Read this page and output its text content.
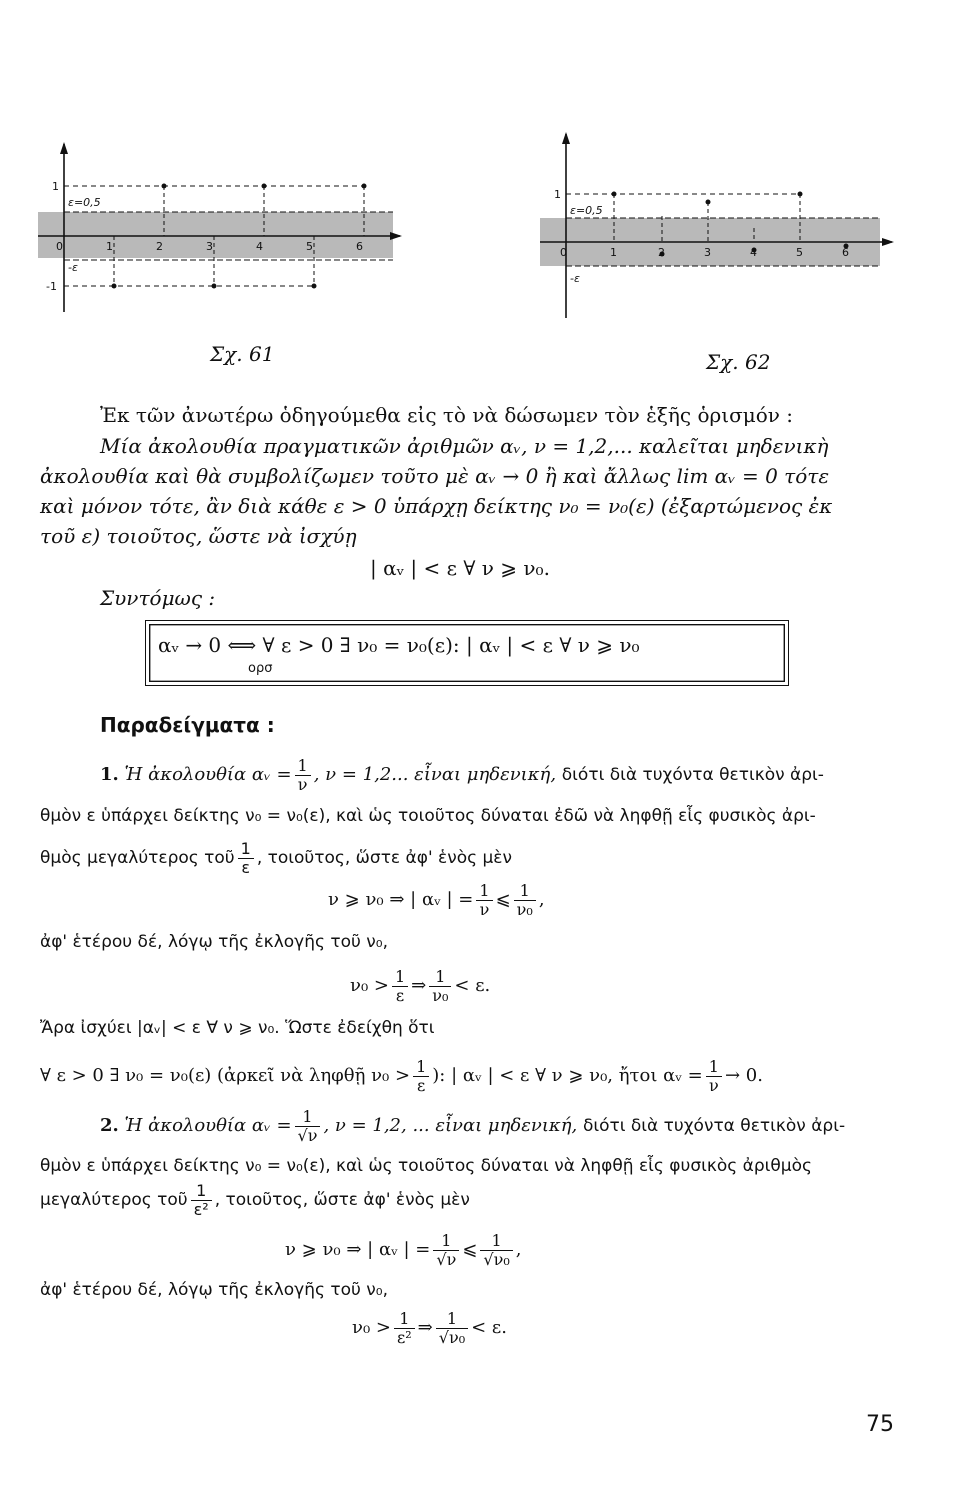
1
-1
ε=0,5
-ε
0	1	2	3	4	5	6
Σχ. 61
1
ε=0,5
-ε
0	1	2	3	4	5	6
Σχ. 62
Ἐκ τῶν ἀνωτέρω ὁδηγούμεθα εἰς τὸ νὰ δώσωμεν τὸν ἑξῆς ὁρισμόν :
Μία ἀκολουθία πραγματικῶν ἀριθμῶν αᵥ, ν = 1,2,... καλεῖται μηδενικὴ
ἀκολουθία καὶ θὰ συμβολίζωμεν τοῦτο μὲ αᵥ → 0 ἢ καὶ ἄλλως lim αᵥ = 0 τότε
καὶ μόνον τότε, ἂν διὰ κάθε ε > 0 ὑπάρχῃ δείκτης ν₀ = ν₀(ε) (ἐξαρτώμενος ἐκ
τοῦ ε) τοιοῦτος, ὥστε νὰ ἰσχύῃ
| αᵥ | < ε ∀ ν ⩾ ν₀.
Συντόμως :
αᵥ → 0 ⟺ ∀ ε > 0 ∃ ν₀ = ν₀(ε): | αᵥ | < ε ∀ ν ⩾ ν₀
ορσ
Παραδείγματα :
1. Ἡ ἀκολουθία αᵥ = $\frac{1}{\nu}$ , ν = 1,2... εἶναι μηδενική, διότι διὰ τυχόντα θετικὸν ἀρι-
θμὸν ε ὑπάρχει δείκτης ν₀ = ν₀(ε), καὶ ὡς τοιοῦτος δύναται ἐδῶ νὰ ληφθῇ εἷς φυσικὸς ἀρι-
θμὸς μεγαλύτερος τοῦ $\frac{1}{\varepsilon}$ , τοιοῦτος, ὥστε ἀφ' ἑνὸς μὲν
ν ⩾ ν₀ ⇒ | αᵥ | = $\frac{1}{\nu}$ ⩽ $\frac{1}{\text{ν₀}}$ ,
ἀφ' ἑτέρου δέ, λόγῳ τῆς ἐκλογῆς τοῦ ν₀,
$\nu_0 > \frac{1}{\varepsilon}$ ⇒ $\frac{1}{\text{ν₀}} < \varepsilon$.
Ἄρα ἰσχύει |αᵥ| < ε ∀ ν ⩾ ν₀. Ὥστε ἐδείχθη ὅτι
∀ ε > 0 ∃ ν₀ = ν₀(ε) (ἀρκεῖ νὰ ληφθῇ $\nu_0 > \frac{1}{\varepsilon}$ ): | αᵥ | < ε ∀ ν ⩾ ν₀, ἤτοι αᵥ = $\frac{1}{\nu} \to 0$.
2. Ἡ ἀκολουθία αᵥ = $\frac{1}{√\nu}$ , ν = 1,2, ... εἶναι μηδενική, διότι διὰ τυχόντα θετικὸν ἀρι-
θμὸν ε ὑπάρχει δείκτης ν₀ = ν₀(ε), καὶ ὡς τοιοῦτος δύναται νὰ ληφθῇ εἷς φυσικὸς ἀριθμὸς
μεγαλύτερος τοῦ $\frac{1}{\text{ε²}}$ , τοιοῦτος, ὥστε ἀφ' ἑνὸς μὲν
ν ⩾ ν₀ ⇒ | αᵥ | = $\frac{1}{√\nu}$ ⩽ $\frac{1}{\text{√ν₀}}$ ,
ἀφ' ἑτέρου δέ, λόγῳ τῆς ἐκλογῆς τοῦ ν₀,
$\nu_0 > \frac{1}{\text{ε²}}$ ⇒ $\frac{1}{\text{√ν₀}} < \varepsilon$.
75
